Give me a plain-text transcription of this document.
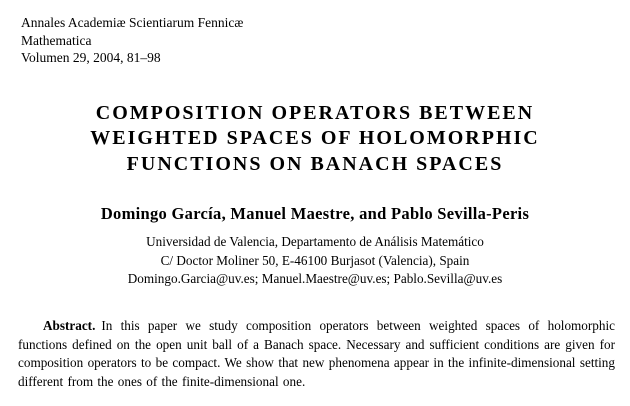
Annales Academiæ Scientiarum Fennicæ
Mathematica
Volumen 29, 2004, 81–98
COMPOSITION OPERATORS BETWEEN
WEIGHTED SPACES OF HOLOMORPHIC
FUNCTIONS ON BANACH SPACES
Domingo García, Manuel Maestre, and Pablo Sevilla-Peris
Universidad de Valencia, Departamento de Análisis Matemático
C/ Doctor Moliner 50, E-46100 Burjasot (Valencia), Spain
Domingo.Garcia@uv.es; Manuel.Maestre@uv.es; Pablo.Sevilla@uv.es

Abstract. In this paper we study composition operators between weighted spaces of holomorphic functions defined on the open unit ball of a Banach space. Necessary and sufficient conditions are given for composition operators to be compact. We show that new phenomena appear in the infinite-dimensional setting different from the ones of the finite-dimensional one.
